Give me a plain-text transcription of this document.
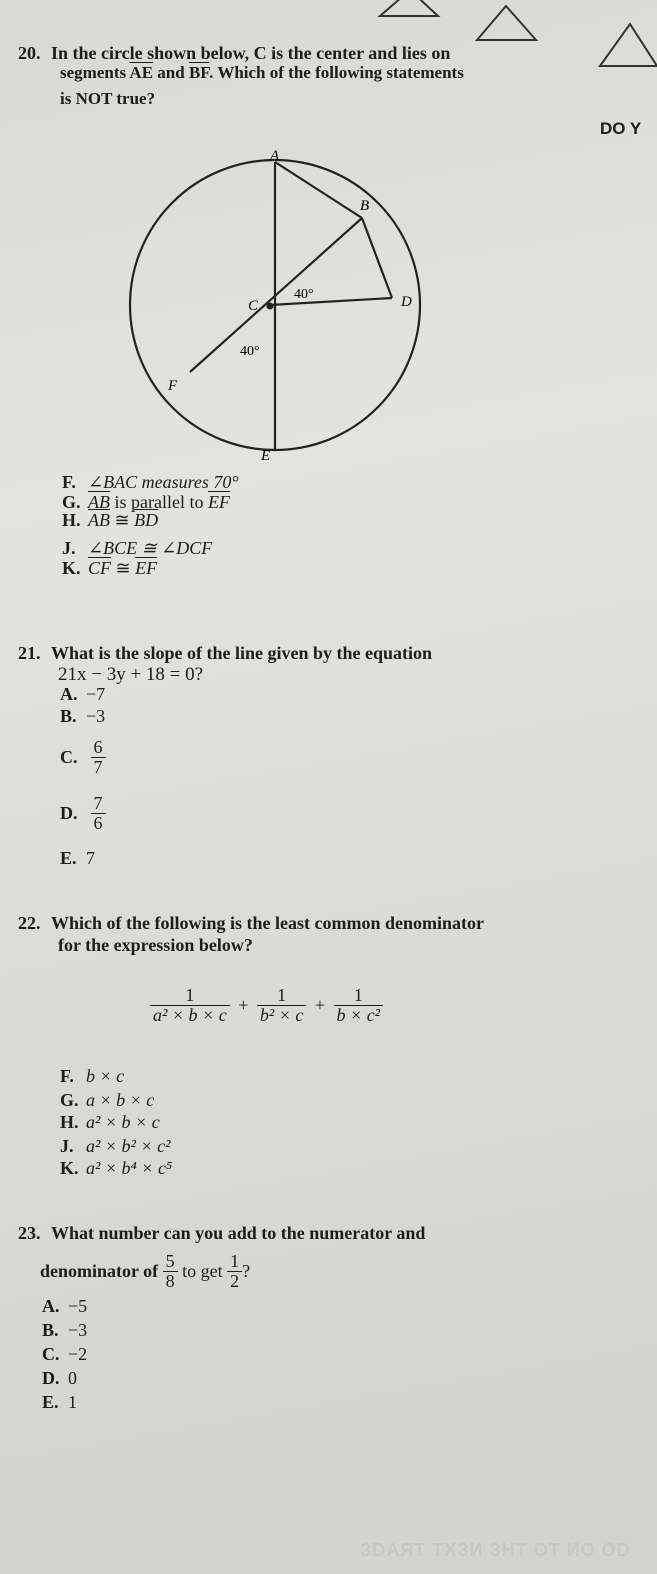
20. In the circle shown below, C is the center and lies on
segments $\overline{AE}$ and $\overline{BF}$. Which of the following statements
is NOT true?
DO Y
A
B
C	D
E
F
40°
40°
F. ∠BAC measures 70°
G. $\overline{AB}$ is parallel to $\overline{EF}$
H. $\overline{AB}$ ≅ $\overline{BD}$
J. ∠BCE ≅ ∠DCF
K. $\overline{CF}$ ≅ $\overline{EF}$
21. What is the slope of the line given by the equation
21x − 3y + 18 = 0?
A. −7
B. −3
C. $\frac{6}{7}$
D. $\frac{7}{6}$
E. 7
22. Which of the following is the least common denominator
for the expression below?
$\frac{1}{\text{a² × b × c}} + \frac{1}{\text{b² × c}} + \frac{1}{\text{b × c²}}$
F. b × c
G. a × b × c
H. a² × b × c
J. a² × b² × c²
K. a² × b⁴ × c⁵
23. What number can you add to the numerator and
denominator of $\frac{5}{8}$ to get $\frac{1}{2}$ ?
A. −5
B. −3
C. −2
D. 0
E. 1
ЗDАЯT ТXЗИ ЗHT OT ИO OD
